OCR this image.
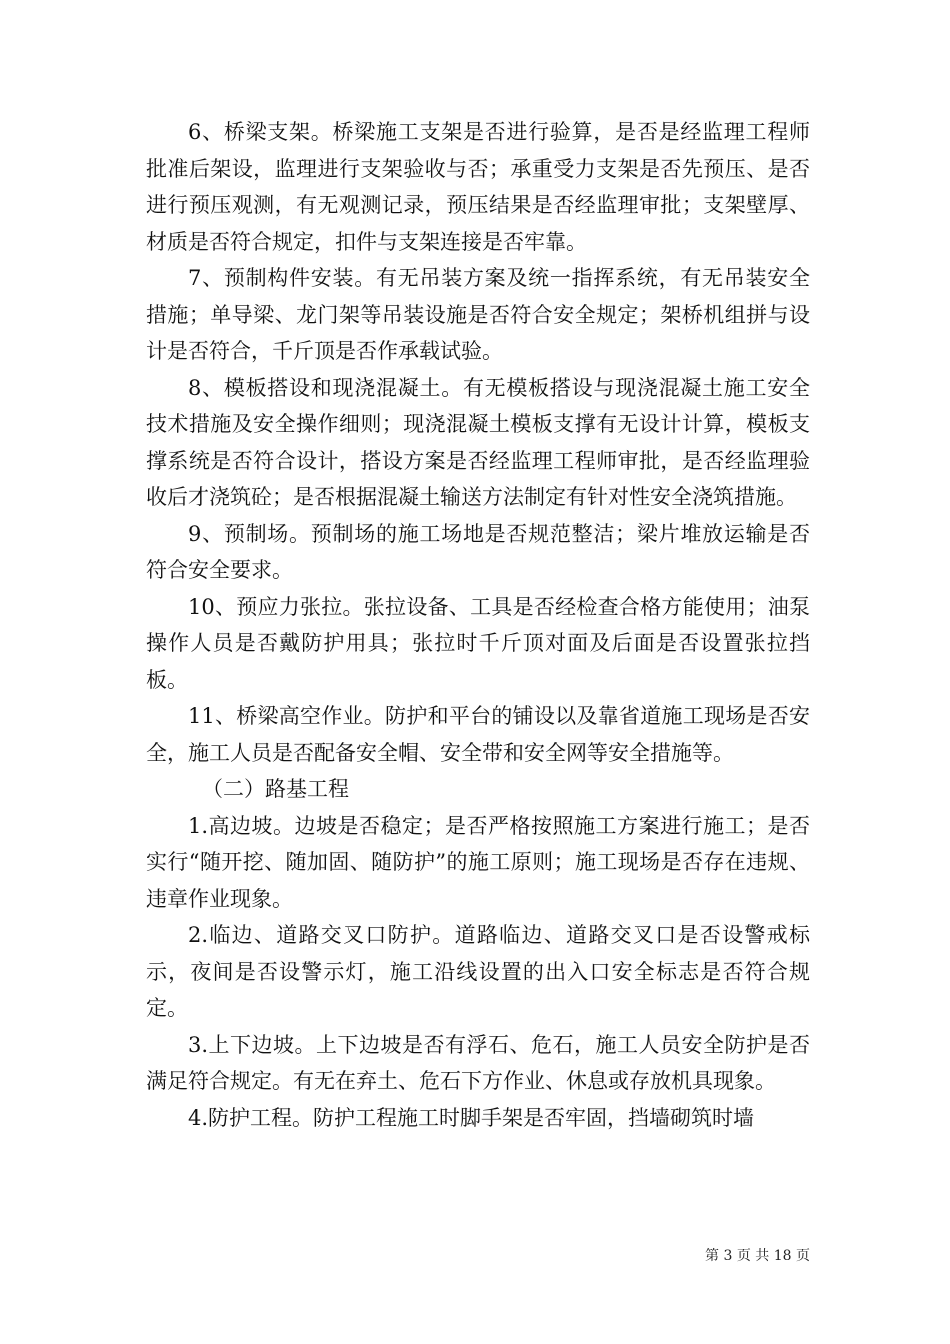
6、桥梁支架。桥梁施工支架是否进行验算，是否是经监理工程师批准后架设，监理进行支架验收与否；承重受力支架是否先预压、是否进行预压观测，有无观测记录，预压结果是否经监理审批；支架壁厚、材质是否符合规定，扣件与支架连接是否牢靠。

7、预制构件安装。有无吊装方案及统一指挥系统，有无吊装安全措施；单导梁、龙门架等吊装设施是否符合安全规定；架桥机组拼与设计是否符合，千斤顶是否作承载试验。

8、模板搭设和现浇混凝土。有无模板搭设与现浇混凝土施工安全技术措施及安全操作细则；现浇混凝土模板支撑有无设计计算，模板支撑系统是否符合设计，搭设方案是否经监理工程师审批，是否经监理验收后才浇筑砼；是否根据混凝土输送方法制定有针对性安全浇筑措施。

9、预制场。预制场的施工场地是否规范整洁；梁片堆放运输是否符合安全要求。

10、预应力张拉。张拉设备、工具是否经检查合格方能使用；油泵操作人员是否戴防护用具；张拉时千斤顶对面及后面是否设置张拉挡板。

11、桥梁高空作业。防护和平台的铺设以及靠省道施工现场是否安全，施工人员是否配备安全帽、安全带和安全网等安全措施等。

（二）路基工程

1.高边坡。边坡是否稳定；是否严格按照施工方案进行施工；是否实行“随开挖、随加固、随防护”的施工原则；施工现场是否存在违规、违章作业现象。

2.临边、道路交叉口防护。道路临边、道路交叉口是否设警戒标示，夜间是否设警示灯，施工沿线设置的出入口安全标志是否符合规定。

3.上下边坡。上下边坡是否有浮石、危石，施工人员安全防护是否满足符合规定。有无在弃土、危石下方作业、休息或存放机具现象。

4.防护工程。防护工程施工时脚手架是否牢固，挡墙砌筑时墙

第 3 页 共 18 页
